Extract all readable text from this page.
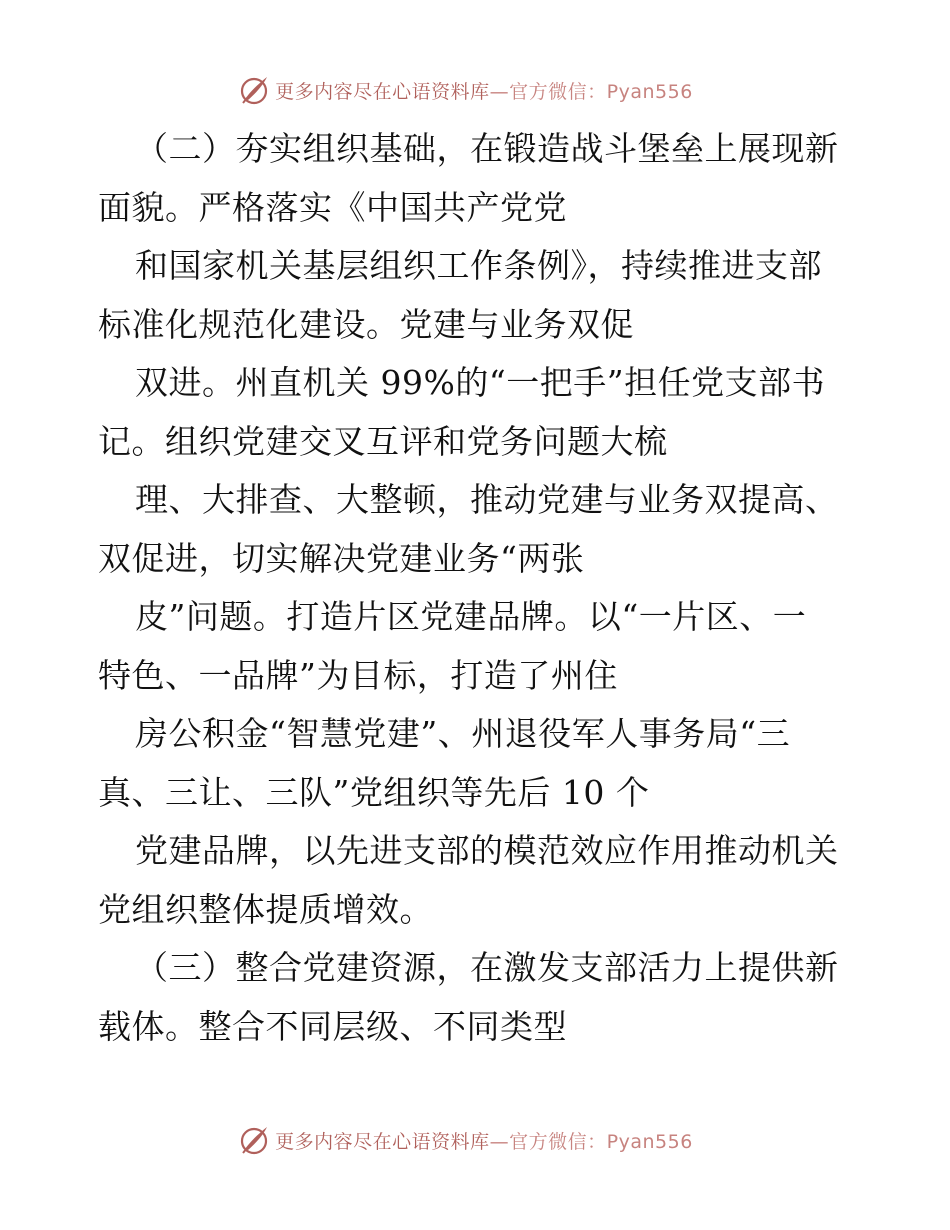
更多内容尽在心语资料库—官方微信：Pyan556
（二）夯实组织基础，在锻造战斗堡垒上展现新
面貌。严格落实《中国共产党党
和国家机关基层组织工作条例》，持续推进支部
标准化规范化建设。党建与业务双促
双进。州直机关 99%的“一把手”担任党支部书
记。组织党建交叉互评和党务问题大梳
理、大排查、大整顿，推动党建与业务双提高、
双促进，切实解决党建业务“两张
皮”问题。打造片区党建品牌。以“一片区、一
特色、一品牌”为目标，打造了州住
房公积金“智慧党建”、州退役军人事务局“三
真、三让、三队”党组织等先后 10 个
党建品牌，以先进支部的模范效应作用推动机关
党组织整体提质增效。
（三）整合党建资源，在激发支部活力上提供新
载体。整合不同层级、不同类型
更多内容尽在心语资料库—官方微信：Pyan556
